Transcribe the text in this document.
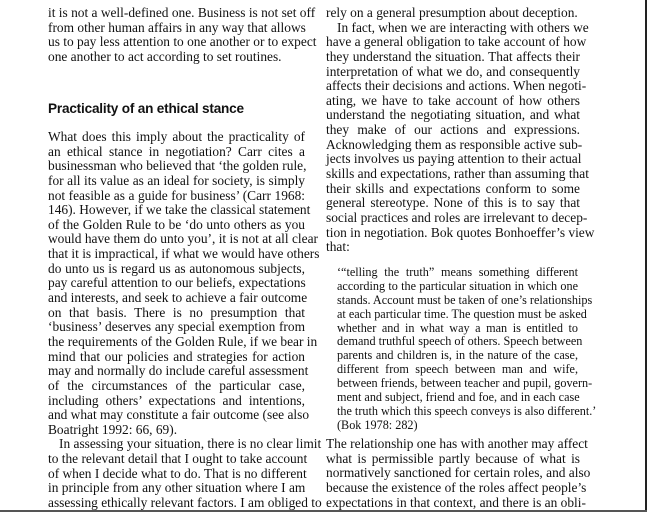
it is not a well-defined one. Business is not set off
from other human affairs in any way that allows
us to pay less attention to one another or to expect
one another to act according to set routines.
Practicality of an ethical stance
What does this imply about the practicality of
an ethical stance in negotiation? Carr cites a
businessman who believed that ‘the golden rule,
for all its value as an ideal for society, is simply
not feasible as a guide for business’ (Carr 1968:
146). However, if we take the classical statement
of the Golden Rule to be ‘do unto others as you
would have them do unto you’, it is not at all clear
that it is impractical, if what we would have others
do unto us is regard us as autonomous subjects,
pay careful attention to our beliefs, expectations
and interests, and seek to achieve a fair outcome
on that basis. There is no presumption that
‘business’ deserves any special exemption from
the requirements of the Golden Rule, if we bear in
mind that our policies and strategies for action
may and normally do include careful assessment
of the circumstances of the particular case,
including others’ expectations and intentions,
and what may constitute a fair outcome (see also
Boatright 1992: 66, 69).
In assessing your situation, there is no clear limit
to the relevant detail that I ought to take account
of when I decide what to do. That is no different
in principle from any other situation where I am
assessing ethically relevant factors. I am obliged to
rely on a general presumption about deception.
In fact, when we are interacting with others we
have a general obligation to take account of how
they understand the situation. That affects their
interpretation of what we do, and consequently
affects their decisions and actions. When negoti-
ating, we have to take account of how others
understand the negotiating situation, and what
they make of our actions and expressions.
Acknowledging them as responsible active sub-
jects involves us paying attention to their actual
skills and expectations, rather than assuming that
their skills and expectations conform to some
general stereotype. None of this is to say that
social practices and roles are irrelevant to decep-
tion in negotiation. Bok quotes Bonhoeffer’s view
that:
‘“telling the truth” means something different
according to the particular situation in which one
stands. Account must be taken of one’s relationships
at each particular time. The question must be asked
whether and in what way a man is entitled to
demand truthful speech of others. Speech between
parents and children is, in the nature of the case,
different from speech between man and wife,
between friends, between teacher and pupil, govern-
ment and subject, friend and foe, and in each case
the truth which this speech conveys is also different.’
(Bok 1978: 282)
The relationship one has with another may affect
what is permissible partly because of what is
normatively sanctioned for certain roles, and also
because the existence of the roles affect people’s
expectations in that context, and there is an obli-
